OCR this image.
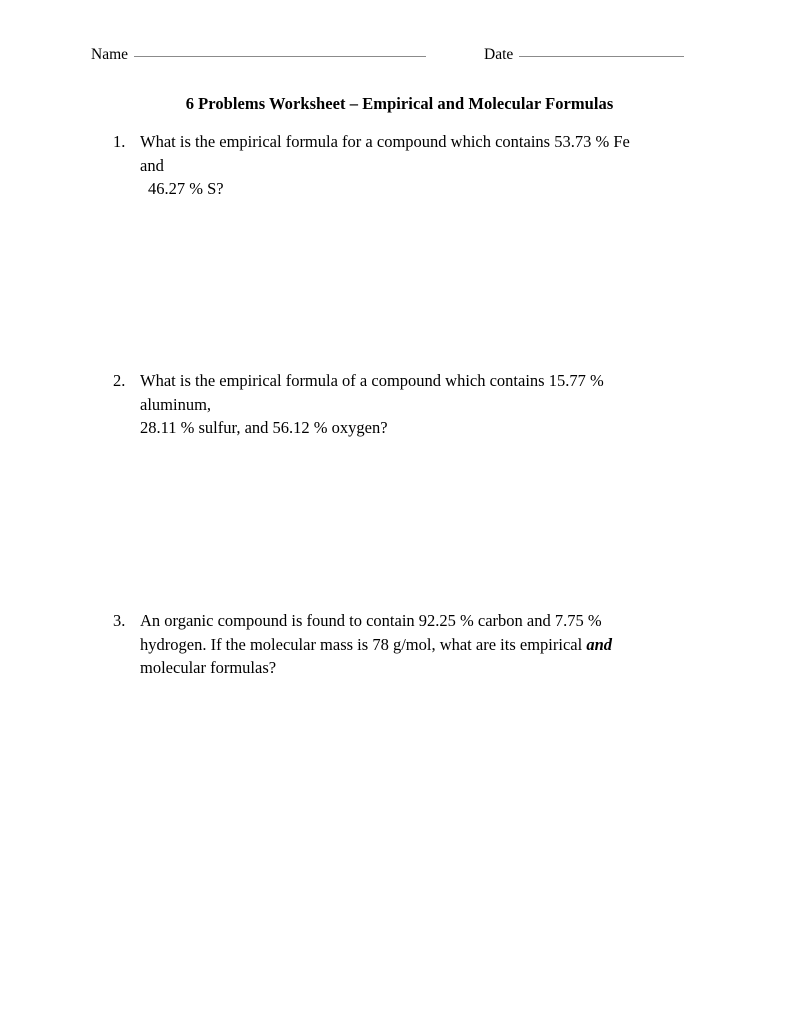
Name	Date
6 Problems Worksheet – Empirical and Molecular Formulas
1. What is the empirical formula for a compound which contains 53.73 % Fe
and
46.27 % S?
2. What is the empirical formula of a compound which contains 15.77 %
aluminum,
28.11 % sulfur, and 56.12 % oxygen?
3. An organic compound is found to contain 92.25 % carbon and 7.75 %
hydrogen. If the molecular mass is 78 g/mol, what are its empirical and
molecular formulas?
